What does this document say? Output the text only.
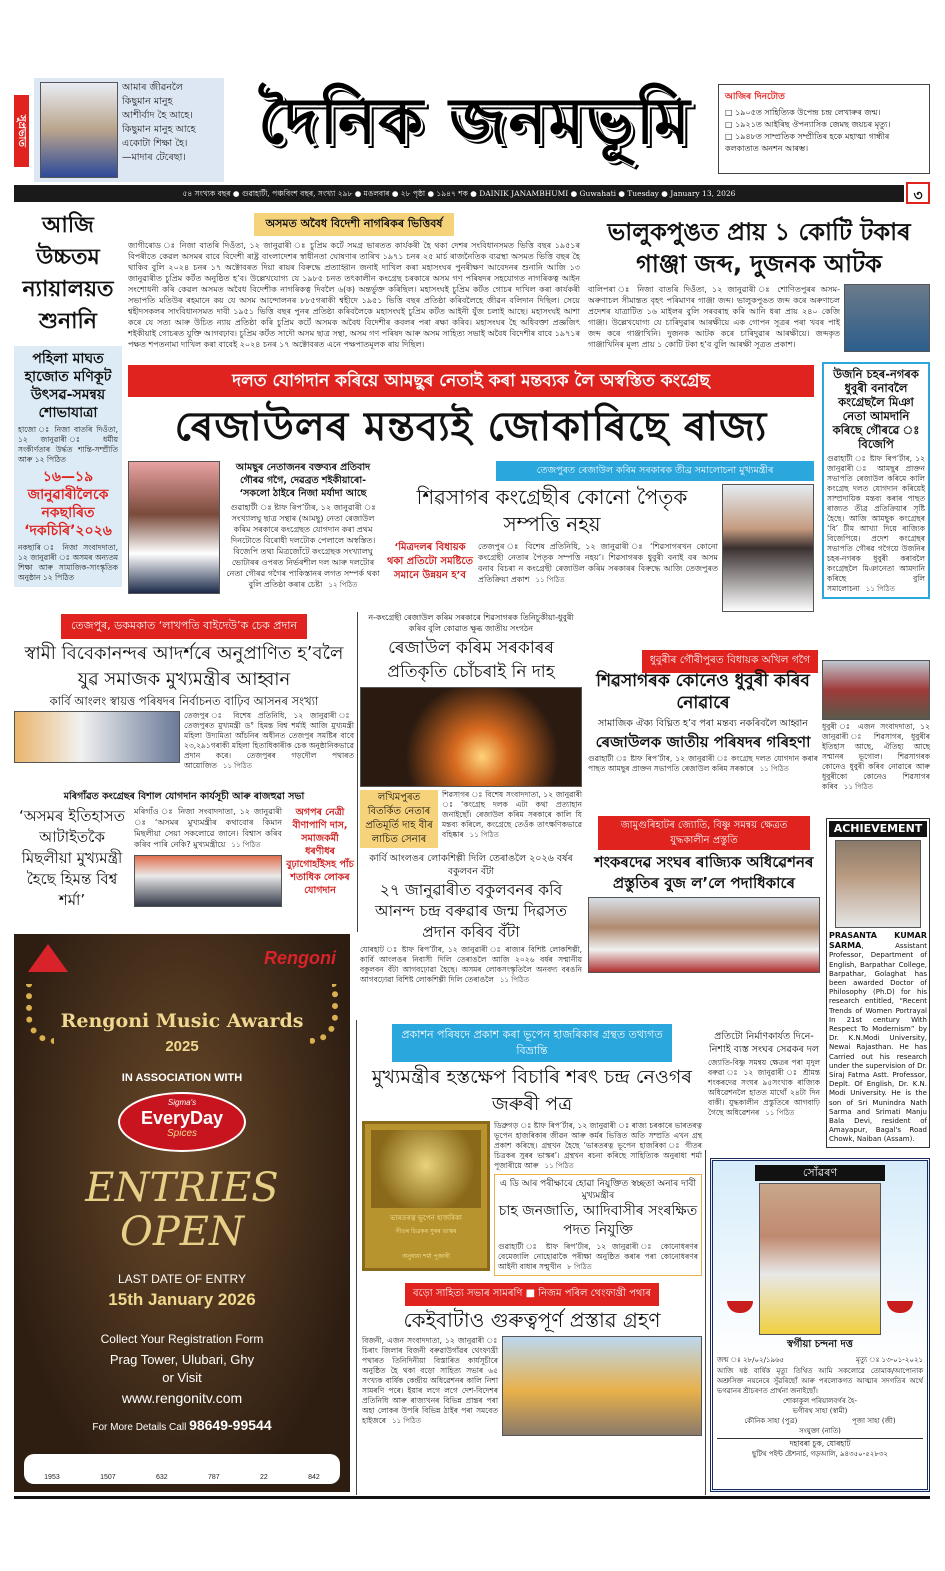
সুপ্ৰভাত
আমাৰ জীৱনলৈ
কিছুমান মানুহ
আশীৰ্বাদ হৈ আহে।
কিছুমান মানুহ আহে
একোটা শিক্ষা হৈ।
—মাদাৰ টেৰেছা।	দৈনিক জনমভূমি	আজিৰ দিনটোত
□ ১৯০৫ত সাহিত্যিক উপেন্দ্ৰ চন্দ্ৰ লেখাৰুৰ জন্ম।
□ ১৯২১ত আইৰিছ ঔপন্যাসিক জেমছ জয়চৰ মৃত্যু।
□ ১৯৪৮ত সাম্প্ৰতিক সম্প্ৰীতিৰ হকে মহাত্মা গান্ধীৰ কলকাতাত অনশন আৰম্ভ।
৫৪ সংখ্যক বছৰ ● গুৱাহাটী, পঞ্চবিংশ বছৰ, সংখ্যা ২৯৮ ● মঙলবাৰ ● ২৮ পৃষ্ঠা ● ১৯৪৭ শক ● DAINIK JANAMBHUMI ● Guwahati ● Tuesday ● January 13, 2026	৩
আজি উচ্চতম ন্যায়ালয়ত শুনানি
পহিলা মাঘত হাজোত মণিকূট উৎসৱ-সমন্বয় শোভাযাত্ৰা
হাজো ঃ নিজা বাতৰি দিওঁতা, ১২ জানুৱাৰী ঃ ধৰ্মীয় সংকীৰ্ণতাৰ উৰ্দ্ধত শান্তি-সম্প্ৰীতি আৰু ১২ পিঠিত
১৬—১৯ জানুৱাৰীলৈকে নকছাৰিত ‘দকচিৰি’২০২৬
নকছাৰি ঃ নিজা সংবাদদাতা, ১২ জানুৱাৰী ঃ অসমৰ অন্যতম শিক্ষা আৰু সামাজিক-সাংস্কৃতিক অনুষ্ঠান ১২ পিঠিত
অসমত অবৈধ বিদেশী নাগৰিকৰ ভিত্তিবৰ্ষ
জাগীৰোড ঃ নিজা বাতৰি দিওঁতা, ১২ জানুৱাৰী ঃ চুপ্ৰিম কৰ্টে সমগ্ৰ ভাৰতত কাৰ্যকৰী হৈ থকা দেশৰ সংবিধানসমত ভিত্তি বছৰ ১৯৫১ৰ বিপৰীতে কেৱল অসমৰ বাবে বিদেশী ৰাষ্ট্ৰ বাংলাদেশৰ স্বাধীনতা ঘোষণাৰ তাৰিখ ১৯৭১ চনৰ ২৫ মাৰ্চ ৰাজনৈতিক ব্যৱস্থা অসমত ভিত্তি বছৰ হৈ থাকিব বুলি ২০২৪ চনৰ ১৭ অক্টোবৰত দিয়া ৰায়ৰ বিৰুদ্ধে প্ৰত্যাহ্বান জনাই দাখিল কৰা মহাসংঘৰ পুনৰীক্ষণ আবেদনৰ শুনানি আজি ১৩ জানুৱাৰীত চুপ্ৰিম কৰ্টত অনুষ্ঠিত হ’ব। উল্লেখযোগ্য যে ১৯৮৫ চনত তৎকালীন কংগ্ৰেছ চৰকাৰে অসম গণ পৰিষদৰ সহযোগত নাগৰিকত্ব আইন সংশোধনী কৰি কেৱল অসমত অবৈধ বিদেশীক নাগৰিকত্ব দিবলৈ ৬(ক) অন্তৰ্ভুক্ত কৰিছিল। মহাসংঘই চুপ্ৰিম কৰ্টত গোচৰ দাখিল কৰা কাৰ্যকৰী সভাপতি মতিউৰ ৰহমানে কয় যে অসম আন্দোলনৰ ৮৮৫গৰাকী শ্বহীদে ১৯৫১ ভিত্তি বছৰ প্ৰতিষ্ঠা কৰিবলৈহে জীৱন বলিদান দিছিল। সেয়ে শ্বহীদসকলৰ সাংবিধানসমত দাবী ১৯৫১ ভিত্তি বছৰ পুনৰ প্ৰতিষ্ঠা কৰিবলৈকে মহাসংঘই চুপ্ৰিম কৰ্টত আইনী যুঁজ চলাই আছে। মহাসংঘই আশা কৰে যে সত্য আৰু উচিত ন্যায় প্ৰতিষ্ঠা কৰি চুপ্ৰিম কৰ্টে অসমক অবৈধ বিদেশীৰ কবলৰ পৰা ৰক্ষা কৰিব। মহাসংঘৰ হৈ অধিবক্তা প্ৰজ্ঞজিৎ শইকীয়াই গোচৰত যুক্তি আগবঢ়াব। চুপ্ৰিম কৰ্টত সাদৌ অসম ছাত্ৰ সন্থা, অসম গণ পৰিষদ আৰু অসম সাহিত্য সভাই অবৈধ বিদেশীৰ বাবে ১৯৭১ৰ পক্ষত শপতনামা দাখিল কৰা বাবেই ২০২৪ চনৰ ১৭ অক্টোবৰত এনে পক্ষপাতমূলক ৰায় দিছিল।
ভালুকপুঙত প্ৰায় ১ কোটি টকাৰ গাঞ্জা জব্দ, দুজনক আটক
বালিপৰা ঃ নিজা বাতৰি দিওঁতা, ১২ জানুৱাৰী ঃ শোণিতপুৰৰ অসম-অৰুণাচল সীমান্তত বৃহৎ পৰিমাণৰ গাঞ্জা জব্দ। ভালুকপুঙত জব্দ কৰে অৰুণাচল প্ৰদেশৰ যাত্ৰাটিত ১৬ মাইলৰ বুলি সৰবৰাহ কৰি আনি ধৰা প্ৰায় ২৪০ কেজি গাঞ্জা। উল্লেখযোগ্য যে চাৰিদুৱাৰ আৰক্ষীয়ে এক গোপন সূত্ৰৰ পৰা খবৰ পাই জব্দ কৰে গাঞ্জাখিনি। দুজনক আটক কৰে চাৰিদুৱাৰ আৰক্ষীয়ে। জব্দকৃত গাঞ্জাখিনিৰ মূল্য প্ৰায় ১ কোটি টকা হ’ব বুলি আৰক্ষী সূত্ৰত প্ৰকাশ।
দলত যোগদান কৰিয়ে আমছুৰ নেতাই কৰা মন্তব্যক লৈ অস্বস্তিত কংগ্ৰেছ
ৰেজাউলৰ মন্তব্যই জোকাৰিছে ৰাজ্য
আমছুৰ নেতাজনৰ বক্তব্যৰ প্ৰতিবাদ গৌৰৱ গগৈ, দেৱব্ৰত শইকীয়াৰো- ‘সকলো ঠাইৰে নিজা মৰ্যাদা আছে
গুৱাহাটী ঃ ষ্টাফ ৰিপ’ৰ্টাৰ, ১২ জানুৱাৰী ঃ সংখ্যালঘু ছাত্ৰ সন্থাৰ (আমছু) নেতা ৰেজাউল কৰিম সৰকাৰে কংগ্ৰেছত যোগদান কৰা প্ৰথম দিনটোতে বিৰোধী দলটোক পেলালে অস্বস্তিত। বিজেপি তথা মিত্ৰজোঁটে কংগ্ৰেছক সংখ্যালঘু ভোটাৰৰ ওপৰত নিৰ্ভৰশীল দল আৰু দলটোৰ নেতা গৌৰৱ গগৈৰ পাকিস্তানৰ লগত সম্পৰ্ক থকা বুলি প্ৰতিষ্ঠা কৰাৰ চেষ্টা ১২ পিঠিত
তেজপুৰত ৰেজাউল কৰিম সৰকাৰক তীব্ৰ সমালোচনা মুখ্যমন্ত্ৰীৰ
শিৱসাগৰ কংগ্ৰেছীৰ কোনো পৈতৃক সম্পত্তি নহয়
‘মিত্ৰদলৰ বিধায়ক থকা প্ৰতিটো সমষ্টিতে সমানে উন্নয়ন হ’ব
তেজপুৰ ঃ বিশেষ প্ৰতিনিধি, ১২ জানুৱাৰী ঃ ‘শিৱসাগৰখন কোনো কংগ্ৰেছী নেতাৰ পৈতৃক সম্পত্তি নহয়’। শিৱসাগৰক ধুবুৰী বনাই বৰ অসম বনাব বিচৰা ন কংগ্ৰেছী ৰেজাউল কৰিম সৰকাৰৰ বিৰুদ্ধে আজি তেজপুৰত প্ৰতিক্ৰিয়া প্ৰকাশ ১১ পিঠিত
উজনি চহৰ-নগৰক ধুবুৰী বনাবলৈ কংগ্ৰেছলৈ মিঞা নেতা আমদানি কৰিছে গৌৰৱে ঃ বিজেপি
গুৱাহাটী ঃ ষ্টাফ ৰিপ’ৰ্টাৰ, ১২ জানুৱাৰী ঃ আমছুৰ প্ৰাক্তন সভাপতি ৰেজাউল কৰিমে কালি কংগ্ৰেছ দলত যোগদান কৰিয়েই সাম্প্ৰদায়িক মন্তব্য কৰাৰ পাছত ৰাজ্যত তীব্ৰ প্ৰতিক্ৰিয়াৰ সৃষ্টি হৈছে। আজি আমছুক কংগ্ৰেছৰ ‘বি’ টীম আখ্যা দিয়ে ৰাজ্যিক বিজেপিয়ে। প্ৰদেশ কংগ্ৰেছৰ সভাপতি গৌৰৱ গগৈয়ে উজনিৰ চহৰ-নগৰক ধুবুৰী কৰাবলৈ কংগ্ৰেছলৈ মিঞানেতা আমদানি কৰিছে বুলি সমালোচনা ১১ পিঠিত
তেজপুৰ, ডকমকাত ‘লাখপতি বাইদেউ’ক চেক প্ৰদান
স্বামী বিবেকানন্দৰ আদৰ্শৰে অনুপ্ৰাণিত হ’বলৈ যুৱ সমাজক মুখ্যমন্ত্ৰীৰ আহ্বান
কাৰ্বি আংলং স্বায়ত্ত পৰিষদৰ নিৰ্বাচনত বাঢ়িব আসনৰ সংখ্যা
তেজপুৰ ঃ বিশেষ প্ৰতিনিধি, ১২ জানুৱাৰী ঃ তেজপুৰত মুখ্যমন্ত্ৰী ড° হিমন্ত বিশ্ব শৰ্মাই আজি মুখ্যমন্ত্ৰী মহিলা উদ্যমিতা আঁচনিৰ অধীনত তেজপুৰ সমষ্টিৰ বাবে ২৩,২৯১গৰাকী মহিলা হিতাধিকাৰীক চেক অনুষ্ঠানিকভাৱে প্ৰদান কৰে। তেজপুৰৰ গড়দৌল পথাৰত আয়োজিত ১১ পিঠিত
মৰিগাঁৱত কংগ্ৰেছৰ বিশাল যোগদান কাৰ্যসূচী আৰু ৰাজহুৱা সভা
‘অসমৰ ইতিহাসত আটাইতকৈ মিছলীয়া মুখ্যমন্ত্ৰী হৈছে হিমন্ত বিশ্ব শৰ্মা’
মৰিগাঁও ঃ নিজা সংবাদদাতা, ১২ জানুৱাৰী ঃ ‘অসমৰ মুখ্যমন্ত্ৰীৰ কথাবোৰ কিমান মিছলীয়া সেয়া সকলোৱে জানে। বিশ্বাস কৰিব কৰিব পাৰি নেকি? মুখ্যমন্ত্ৰীয়ে ১১ পিঠিত
অগপৰ নেত্ৰী বীণাপাণি দাস, সমাজকৰ্মী ধৰণীধৰ বুঢ়াগোহাঁইসহ পাঁচ শতাধিক লোকৰ যোগদান
ন-কংগ্ৰেছী ৰেজাউল কৰিম সৰকাৰে শিৱসাগৰক তিনিচুকীয়া-ধুবুৰী কৰিব বুলি কোৱাত ক্ষুব্ধ জাতীয় সংগঠন
ৰেজাউল কৰিম সৰকাৰৰ প্ৰতিকৃতি চোঁচৰাই নি দাহ
লখিমপুৰত বিতৰ্কিত নেতাৰ প্ৰতিমূৰ্তি দাহ বীৰ লাচিত সেনাৰ
শিৱসাগৰ ঃ বিশেষ সংবাদদাতা, ১২ জানুৱাৰী ঃ ‘কংগ্ৰেছ দলক এটা কথা প্ৰত্যাহান জনাইছোঁ। ৰেজাউল কৰিম সৰকাৰে কালি যি মন্তব্য কৰিলে, কংগ্ৰেছে তেওঁক তাৎক্ষণিকভাৱে বহিষ্কাৰ ১১ পিঠিত
কাৰ্বি আংলঙৰ লোকশিল্পী দিলি তেৰাঙলৈ ২০২৬ বৰ্ষৰ বকুলবন বঁটা
২৭ জানুৱাৰীত বকুলবনৰ কবি আনন্দ চন্দ্ৰ বৰুৱাৰ জন্ম দিৱসত প্ৰদান কৰিব বঁটা
যোৰহাট ঃ ষ্টাফ ৰিপ’ৰ্টাৰ, ১২ জানুৱাৰী ঃ ৰাজ্যৰ বিশিষ্ট লোকশিল্পী, কাৰ্বি আংলঙৰ নিবাসী দিলি তেৰাঙলৈ আজি ২০২৬ বৰ্ষৰ সন্মানীয় বকুলবন বঁটা আগবঢ়োৱা হৈছে। অসমৰ লোকসংস্কৃতিলৈ অনবদ্য বৰঙনি আগবঢ়োৱা বিশিষ্ট লোকশিল্পী দিলি তেৰাঙলৈ ১১ পিঠিত
ধুবুৰীৰ গৌৰীপুৰত বিধায়ক অখিল গগৈ
শিৱসাগৰক কোনেও ধুবুৰী কৰিব নোৱাৰে
সামাজিক ঐক্য বিঘ্নিত হ’ব পৰা মন্তব্য নকৰিবলৈ আহ্বান
ৰেজাউলক জাতীয় পৰিষদৰ গৰিহণা
গুৱাহাটী ঃ ষ্টাফ ৰিপ’ৰ্টাৰ, ১২ জানুৱাৰী ঃ কংগ্ৰেছ দলত যোগদান কৰাৰ পাছত আমছুৰ প্ৰাক্তন সভাপতি ৰেজাউল কৰিম সৰকাৰে ১১ পিঠিত
ধুবুৰী ঃ এজন সংবাদদাতা, ১২ জানুৱাৰী ঃ শিৱসাগৰ, ধুবুৰীৰ ইতিহাস আছে, ঐতিহ্য আছে সন্মানৰ ভূগোল। শিৱসাগৰক কোনেও ধুবুৰী কৰিব নোৱাৰে আৰু ধুবুৰীকো কোনেও শিৱসাগৰ কৰিব ১১ পিঠিত
ACHIEVEMENT
PRASANTA KUMAR SARMA, Assistant Professor, Department of English, Barpathar College, Barpathar, Golaghat has been awarded Doctor of Philosophy (Ph.D) for his research entitled, “Recent Trends of Women Portrayal In 21st century With Respect To Modernism” by Dr. K.N.Modi University, Newai Rajasthan. He has Carried out his research under the supervision of Dr. Siraj Fatma Astt. Professor, Deplt. Of English, Dr. K.N. Modi University. He is the son of Sri Munindra Nath Sarma and Srimati Manju Bala Devi, resident of Amayapur, Bagal's Road Chowk, Naiban (Assam).
জামুগুৰিহাটৰ জ্যোতি, বিষ্ণু সমন্বয় ক্ষেত্ৰত যুদ্ধকালীন প্ৰস্তুতি
শংকৰদেৱ সংঘৰ ৰাজ্যিক অধিৱেশনৰ প্ৰস্তুতিৰ বুজ ল’লে পদাধিকাৰে
প্ৰতিটো নিৰ্মাণকাৰ্যত দিনে-নিশাই ব্যস্ত সংঘৰ সেৱকৰ দল
জ্যোতি-বিষ্ণু সমন্বয় ক্ষেত্ৰৰ পৰা মৃদুল বৰুৱা ঃ ১২ জানুৱাৰী ঃ শ্ৰীমন্ত শংকৰদেৱ সংঘৰ ৯৫সংখ্যক ৰাজ্যিক অধিৱেশনলৈ হাতত মাথোঁ ২৪টা দিন বাকী। যুদ্ধকালীন প্ৰস্তুতিৰে আগবাঢ়ি গৈছে অধিৱেশনৰ ১১ পিঠিত
প্ৰকাশন পৰিষদে প্ৰকাশ কৰা ভূপেন হাজৰিকাৰ গ্ৰন্থত তথ্যগত বিভ্ৰান্তি
মুখ্যমন্ত্ৰীৰ হস্তক্ষেপ বিচাৰি শৰৎ চন্দ্ৰ নেওগৰ জৰুৰী পত্ৰ
ভাৰতৰত্ন ভূপেন হাজৰিকা
গীতৰ চিত্ৰকৰ সুৰৰ ভাস্কৰ
অনুৰাধা শৰ্মা পূজাৰী
ডিব্ৰুগড় ঃ ষ্টাফ ৰিপ’ৰ্টাৰ, ১২ জানুৱাৰী ঃ ৰাজ্য চৰকাৰে ভাৰতৰত্ন ভূপেন হাজৰিকাৰ জীৱন আৰু কৰ্মৰ ভিত্তিত অতি সম্প্ৰতি এখন গ্ৰন্থ প্ৰকাশ কৰিছে। গ্ৰন্থখন হৈছে ‘ভাৰতৰত্ন ভূপেন হাজৰিকা ঃ গীতৰ চিত্ৰকৰ সুৰৰ ভাস্কৰ’। গ্ৰন্থখন ৰচনা কৰিছে সাহিত্যিক অনুৰাধা শৰ্মা পূজাৰীয়ে আৰু ১১ পিঠিত
এ ডি আৰ পৰীক্ষাৰে হোৱা নিযুক্তিত স্বচ্ছতা অনাৰ দাবী মুখ্যমন্ত্ৰীৰ
চাহ জনজাতি, আদিবাসীৰ সংৰক্ষিত পদত নিযুক্তি
গুৱাহাটী ঃ ষ্টাফ ৰিপ’ৰ্টাৰ, ১২ জানুৱাৰী ঃ কোনোধৰণৰ বেমেজালি নোহোৱাকৈ পৰীক্ষা অনুষ্ঠিত কৰাৰ পৰা কোনোধৰণৰ আইনী বাধাৰ সন্মুখীন ৮ পিঠিত
বড়ো সাহিত্য সভাৰ সামৰণি ■ নিজম পৰিল থেংফাখ্ৰী পথাৰ
কেইবাটাও গুৰুত্বপূৰ্ণ প্ৰস্তাৱ গ্ৰহণ
বিজনী, এজন সংবাদদাতা, ১২ জানুৱাৰী ঃ চিৰাং জিলাৰ বিজনী বৰুৱাউগাঁৱৰ থেংফাখ্ৰী পথাৰত তিনিদিনীয়া বিস্তাৰিত কাৰ্যসূচীৰে অনুষ্ঠিত হৈ থকা বড়ো সাহিত্য সভাৰ ৬৫ সংখ্যক বাৰ্ষিক কেন্দ্ৰীয় অধিৱেশনৰ কালি নিশা সামৰণি পৰে। ইয়াৰ লগে লগে দেশ-বিদেশৰ প্ৰতিনিধি আৰু ৰাজ্যখনৰ বিভিন্ন প্ৰান্তৰ পৰা অহা লোকৰ উপৰি বিভিন্ন ঠাইৰ পৰা সমবেত হাইজৰে ১১ পিঠিত
Rengoni
Rengoni Music Awards
2025
IN ASSOCIATION WITH
Sigma's
EveryDay
Spices
ENTRIES
OPEN
LAST DATE OF ENTRY
15th January 2026
Collect Your Registration Form
Prag Tower, Ulubari, Ghy
or Visit
www.rengonitv.com
For More Details Call 98649-99544
1953	1507	632	787	22	842
সোঁৱৰণ
স্বৰ্গীয়া চন্দনা দত্ত
জন্ম ঃ ২৮/০২/১৯৬৫	মৃত্যু ঃ ১৩-০১-২০২১
আজি ষষ্ঠ বাৰ্ষিক মৃত্যু তিথিত আমি সকলোৱে তোমাক/আপোনাক অশ্ৰুসিক্ত নয়নেৰে সুঁৱৰিছোঁ আৰু পৰলোকগত আত্মাৰ সদগতিৰ অৰ্থে ভগৱানৰ শ্ৰীচৰণত প্ৰাৰ্থনা জনাইছোঁ।
শোকাকুল পৰিয়ালবৰ্গৰ হৈ-
ভগীৰথ সাহা (স্বামী)
কৌনিক সাহা (পুত্ৰ)	পূজা সাহা (জী)
সংযুক্তা (নাতি)
দহাবৰা চুক, যোৰহাট
ছুটিথ পইন্ট ষ্টেশনাৰ্চ, গড়আলি, ৯৪৩৫০-৫২৮৩২
